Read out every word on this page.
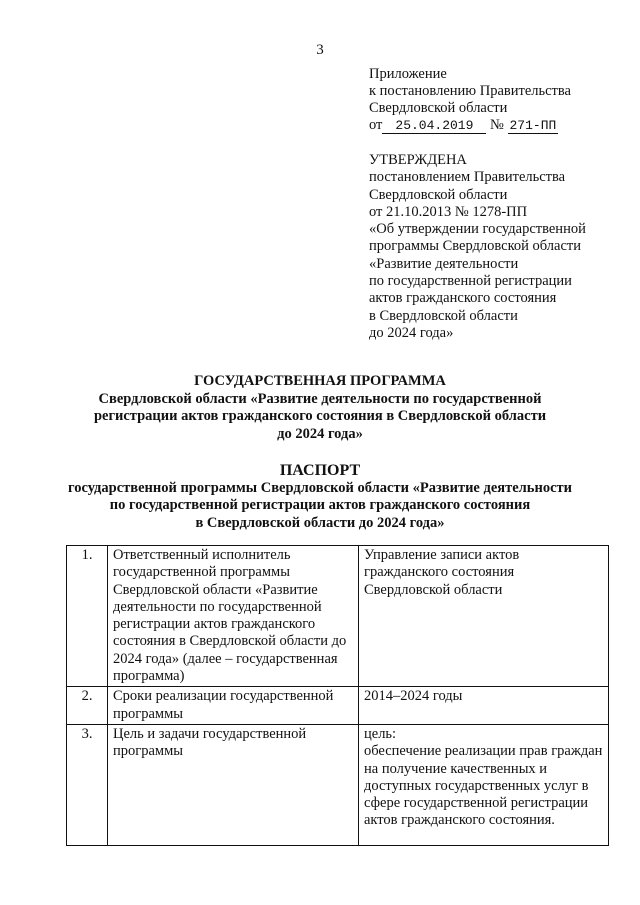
3
Приложение
к постановлению Правительства
Свердловской области
от 25.04.2019 № 271-ПП
УТВЕРЖДЕНА
постановлением Правительства
Свердловской области
от 21.10.2013 № 1278-ПП
«Об утверждении государственной
программы Свердловской области
«Развитие деятельности
по государственной регистрации
актов гражданского состояния
в Свердловской области
до 2024 года»
ГОСУДАРСТВЕННАЯ ПРОГРАММА
Свердловской области «Развитие деятельности по государственной
регистрации актов гражданского состояния в Свердловской области
до 2024 года»
ПАСПОРТ
государственной программы Свердловской области «Развитие деятельности
по государственной регистрации актов гражданского состояния
в Свердловской области до 2024 года»
1.	Ответственный исполнитель государственной программы Свердловской области «Развитие деятельности по государственной регистрации актов гражданского состояния в Свердловской области до 2024 года» (далее – государственная программа)	Управление записи актов гражданского состояния Свердловской области
2.	Сроки реализации государственной программы	2014–2024 годы
3.	Цель и задачи государственной программы	цель:
обеспечение реализации прав граждан на получение качественных и доступных государственных услуг в сфере государственной регистрации актов гражданского состояния.
